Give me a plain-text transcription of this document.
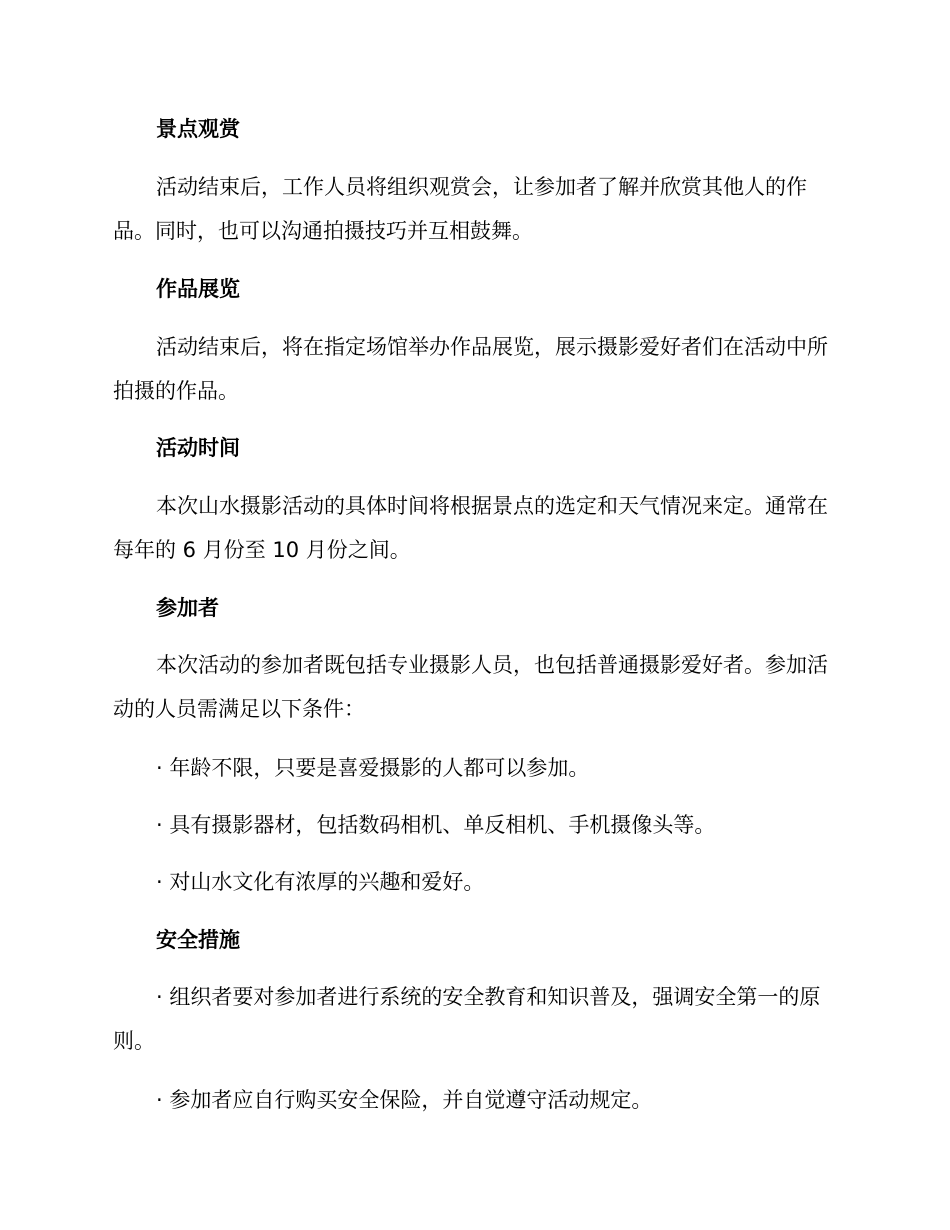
景点观赏

活动结束后，工作人员将组织观赏会，让参加者了解并欣赏其他人的作品。同时，也可以沟通拍摄技巧并互相鼓舞。

作品展览

活动结束后，将在指定场馆举办作品展览，展示摄影爱好者们在活动中所拍摄的作品。

活动时间

本次山水摄影活动的具体时间将根据景点的选定和天气情况来定。通常在每年的 6 月份至 10 月份之间。

参加者

本次活动的参加者既包括专业摄影人员，也包括普通摄影爱好者。参加活动的人员需满足以下条件：

· 年龄不限，只要是喜爱摄影的人都可以参加。

· 具有摄影器材，包括数码相机、单反相机、手机摄像头等。

· 对山水文化有浓厚的兴趣和爱好。

安全措施

· 组织者要对参加者进行系统的安全教育和知识普及，强调安全第一的原则。

· 参加者应自行购买安全保险，并自觉遵守活动规定。
